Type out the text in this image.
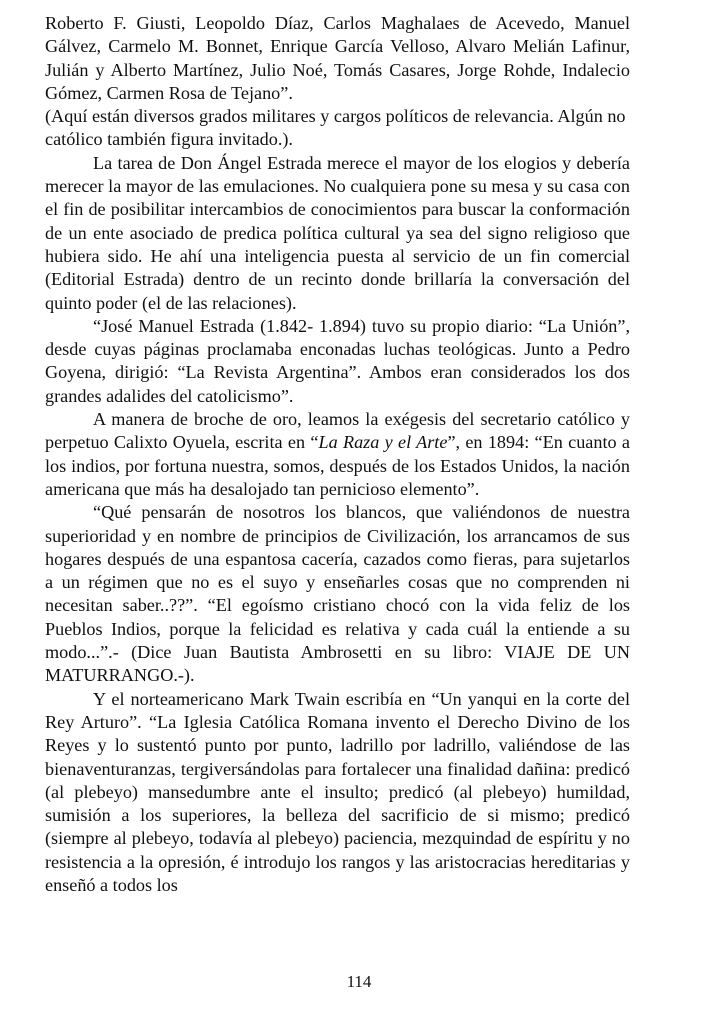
Roberto F. Giusti, Leopoldo Díaz, Carlos Maghalaes de Acevedo, Manuel Gálvez, Carmelo M. Bonnet, Enrique García Velloso, Alvaro Melián Lafinur, Julián y Alberto Martínez, Julio Noé, Tomás Casares, Jorge Rohde, Indalecio Gómez, Carmen Rosa de Tejano”.

(Aquí están diversos grados militares y cargos políticos de relevancia. Algún no católico también figura invitado.).

La tarea de Don Ángel Estrada merece el mayor de los elogios y debería merecer la mayor de las emulaciones. No cualquiera pone su mesa y su casa con el fin de posibilitar intercambios de conocimientos para buscar la conformación de un ente asociado de predica política cultural ya sea del signo religioso que hubiera sido. He ahí una inteligencia puesta al servicio de un fin comercial (Editorial Estrada) dentro de un recinto donde brillaría la conversación del quinto poder (el de las relaciones).

“José Manuel Estrada (1.842- 1.894) tuvo su propio diario: “La Unión”, desde cuyas páginas proclamaba enconadas luchas teológicas. Junto a Pedro Goyena, dirigió: “La Revista Argentina”. Ambos eran considerados los dos grandes adalides del catolicismo”.

A manera de broche de oro, leamos la exégesis del secretario católico y perpetuo Calixto Oyuela, escrita en “La Raza y el Arte”, en 1894: “En cuanto a los indios, por fortuna nuestra, somos, después de los Estados Unidos, la nación americana que más ha desalojado tan pernicioso elemento”.

“Qué pensarán de nosotros los blancos, que valiéndonos de nuestra superioridad y en nombre de principios de Civilización, los arrancamos de sus hogares después de una espantosa cacería, cazados como fieras, para sujetarlos a un régimen que no es el suyo y enseñarles cosas que no comprenden ni necesitan saber..??”. “El egoísmo cristiano chocó con la vida feliz de los Pueblos Indios, porque la felicidad es relativa y cada cuál la entiende a su modo...”.- (Dice Juan Bautista Ambrosetti en su libro: VIAJE DE UN MATURRANGO.-).

Y el norteamericano Mark Twain escribía en “Un yanqui en la corte del Rey Arturo”. “La Iglesia Católica Romana invento el Derecho Divino de los Reyes y lo sustentó punto por punto, ladrillo por ladrillo, valiéndose de las bienaventuranzas, tergiversándolas para fortalecer una finalidad dañina: predicó (al plebeyo) mansedumbre ante el insulto; predicó (al plebeyo) humildad, sumisión a los superiores, la belleza del sacrificio de si mismo; predicó (siempre al plebeyo, todavía al plebeyo) paciencia, mezquindad de espíritu y no resistencia a la opresión, é introdujo los rangos y las aristocracias hereditarias y enseñó a todos los

114
